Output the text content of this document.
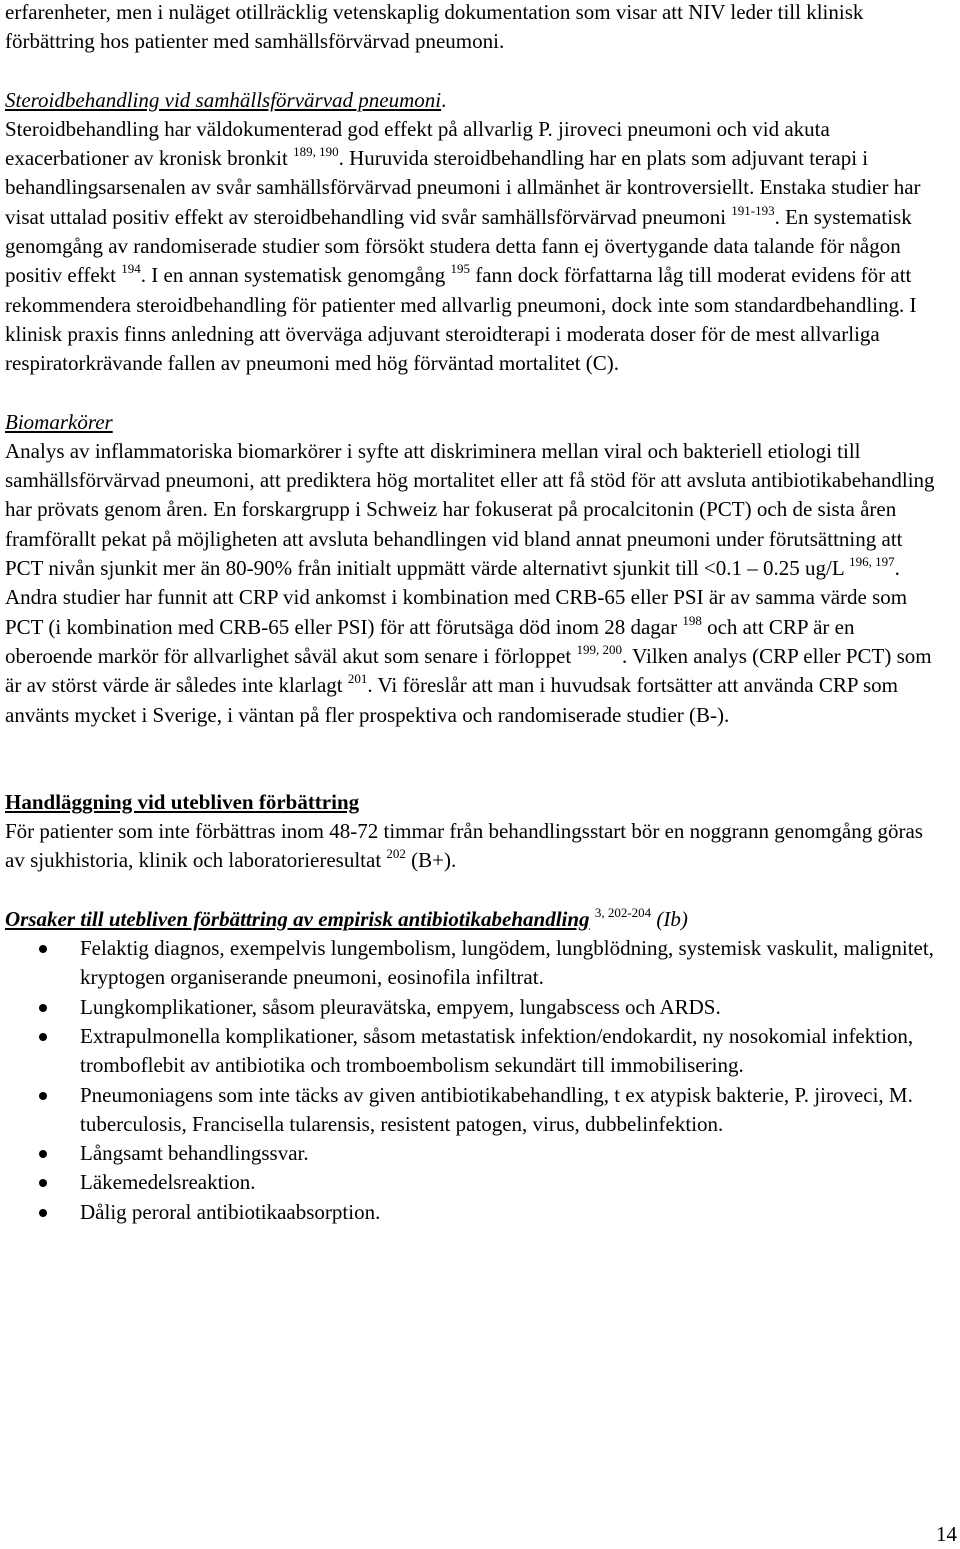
erfarenheter, men i nuläget otillräcklig vetenskaplig dokumentation som visar att NIV leder till klinisk förbättring hos patienter med samhällsförvärvad pneumoni.

Steroidbehandling vid samhällsförvärvad pneumoni.
Steroidbehandling har väldokumenterad god effekt på allvarlig P. jiroveci pneumoni och vid akuta exacerbationer av kronisk bronkit $^{189, 190}$. Huruvida steroidbehandling har en plats som adjuvant terapi i behandlingsarsenalen av svår samhällsförvärvad pneumoni i allmänhet är kontroversiellt. Enstaka studier har visat uttalad positiv effekt av steroidbehandling vid svår samhällsförvärvad pneumoni $^{191-193}$. En systematisk genomgång av randomiserade studier som försökt studera detta fann ej övertygande data talande för någon positiv effekt $^{194}$. I en annan systematisk genomgång $^{195}$ fann dock författarna låg till moderat evidens för att rekommendera steroidbehandling för patienter med allvarlig pneumoni, dock inte som standardbehandling. I klinisk praxis finns anledning att överväga adjuvant steroidterapi i moderata doser för de mest allvarliga respiratorkrävande fallen av pneumoni med hög förväntad mortalitet (C).

Biomarkörer
Analys av inflammatoriska biomarkörer i syfte att diskriminera mellan viral och bakteriell etiologi till samhällsförvärvad pneumoni, att prediktera hög mortalitet eller att få stöd för att avsluta antibiotikabehandling har prövats genom åren. En forskargrupp i Schweiz har fokuserat på procalcitonin (PCT) och de sista åren framförallt pekat på möjligheten att avsluta behandlingen vid bland annat pneumoni under förutsättning att PCT nivån sjunkit mer än 80-90% från initialt uppmätt värde alternativt sjunkit till <0.1 – 0.25 ug/L $^{196, 197}$. Andra studier har funnit att CRP vid ankomst i kombination med CRB-65 eller PSI är av samma värde som PCT (i kombination med CRB-65 eller PSI) för att förutsäga död inom 28 dagar $^{198}$ och att CRP är en oberoende markör för allvarlighet såväl akut som senare i förloppet $^{199, 200}$. Vilken analys (CRP eller PCT) som är av störst värde är således inte klarlagt $^{201}$. Vi föreslår att man i huvudsak fortsätter att använda CRP som använts mycket i Sverige, i väntan på fler prospektiva och randomiserade studier (B-).

Handläggning vid utebliven förbättring
För patienter som inte förbättras inom 48-72 timmar från behandlingsstart bör en noggrann genomgång göras av sjukhistoria, klinik och laboratorieresultat $^{202}$ (B+).

Orsaker till utebliven förbättring av empirisk antibiotikabehandling $^{3, 202-204}$ (Ib)

Felaktig diagnos, exempelvis lungembolism, lungödem, lungblödning, systemisk vaskulit, malignitet, kryptogen organiserande pneumoni, eosinofila infiltrat.
Lungkomplikationer, såsom pleuravätska, empyem, lungabscess och ARDS.
Extrapulmonella komplikationer, såsom metastatisk infektion/endokardit, ny nosokomial infektion, tromboflebit av antibiotika och tromboembolism sekundärt till immobilisering.
Pneumoniagens som inte täcks av given antibiotikabehandling, t ex atypisk bakterie, P. jiroveci, M. tuberculosis, Francisella tularensis, resistent patogen, virus, dubbelinfektion.
Långsamt behandlingssvar.
Läkemedelsreaktion.
Dålig peroral antibiotikaabsorption.
14
